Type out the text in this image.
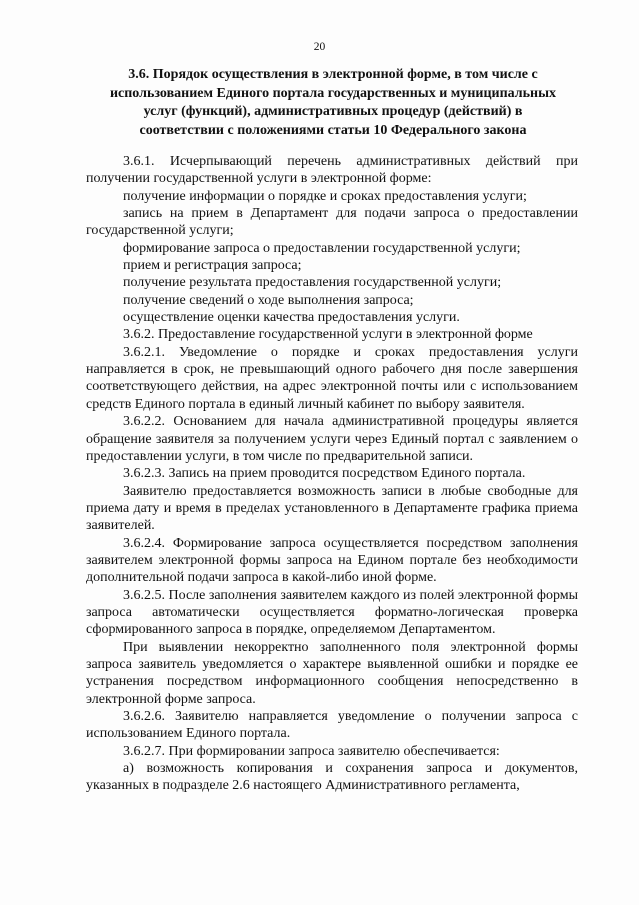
20
3.6. Порядок осуществления в электронной форме, в том числе с
использованием Единого портала государственных и муниципальных
услуг (функций), административных процедур (действий) в
соответствии с положениями статьи 10 Федерального закона

3.6.1. Исчерпывающий перечень административных действий при получении государственной услуги в электронной форме:

получение информации о порядке и сроках предоставления услуги;

запись на прием в Департамент для подачи запроса о предоставлении государственной услуги;

формирование запроса о предоставлении государственной услуги;

прием и регистрация запроса;

получение результата предоставления государственной услуги;

получение сведений о ходе выполнения запроса;

осуществление оценки качества предоставления услуги.

3.6.2. Предоставление государственной услуги в электронной форме

3.6.2.1. Уведомление о порядке и сроках предоставления услуги направляется в срок, не превышающий одного рабочего дня после завершения соответствующего действия, на адрес электронной почты или с использованием средств Единого портала в единый личный кабинет по выбору заявителя.

3.6.2.2. Основанием для начала административной процедуры является обращение заявителя за получением услуги через Единый портал с заявлением о предоставлении услуги, в том числе по предварительной записи.

3.6.2.3. Запись на прием проводится посредством Единого портала.

Заявителю предоставляется возможность записи в любые свободные для приема дату и время в пределах установленного в Департаменте графика приема заявителей.

3.6.2.4. Формирование запроса осуществляется посредством заполнения заявителем электронной формы запроса на Едином портале без необходимости дополнительной подачи запроса в какой-либо иной форме.

3.6.2.5. После заполнения заявителем каждого из полей электронной формы запроса автоматически осуществляется форматно-логическая проверка сформированного запроса в порядке, определяемом Департаментом.

При выявлении некорректно заполненного поля электронной формы запроса заявитель уведомляется о характере выявленной ошибки и порядке ее устранения посредством информационного сообщения непосредственно в электронной форме запроса.

3.6.2.6. Заявителю направляется уведомление о получении запроса с использованием Единого портала.

3.6.2.7. При формировании запроса заявителю обеспечивается:

а) возможность копирования и сохранения запроса и документов, указанных в подразделе 2.6 настоящего Административного регламента,
